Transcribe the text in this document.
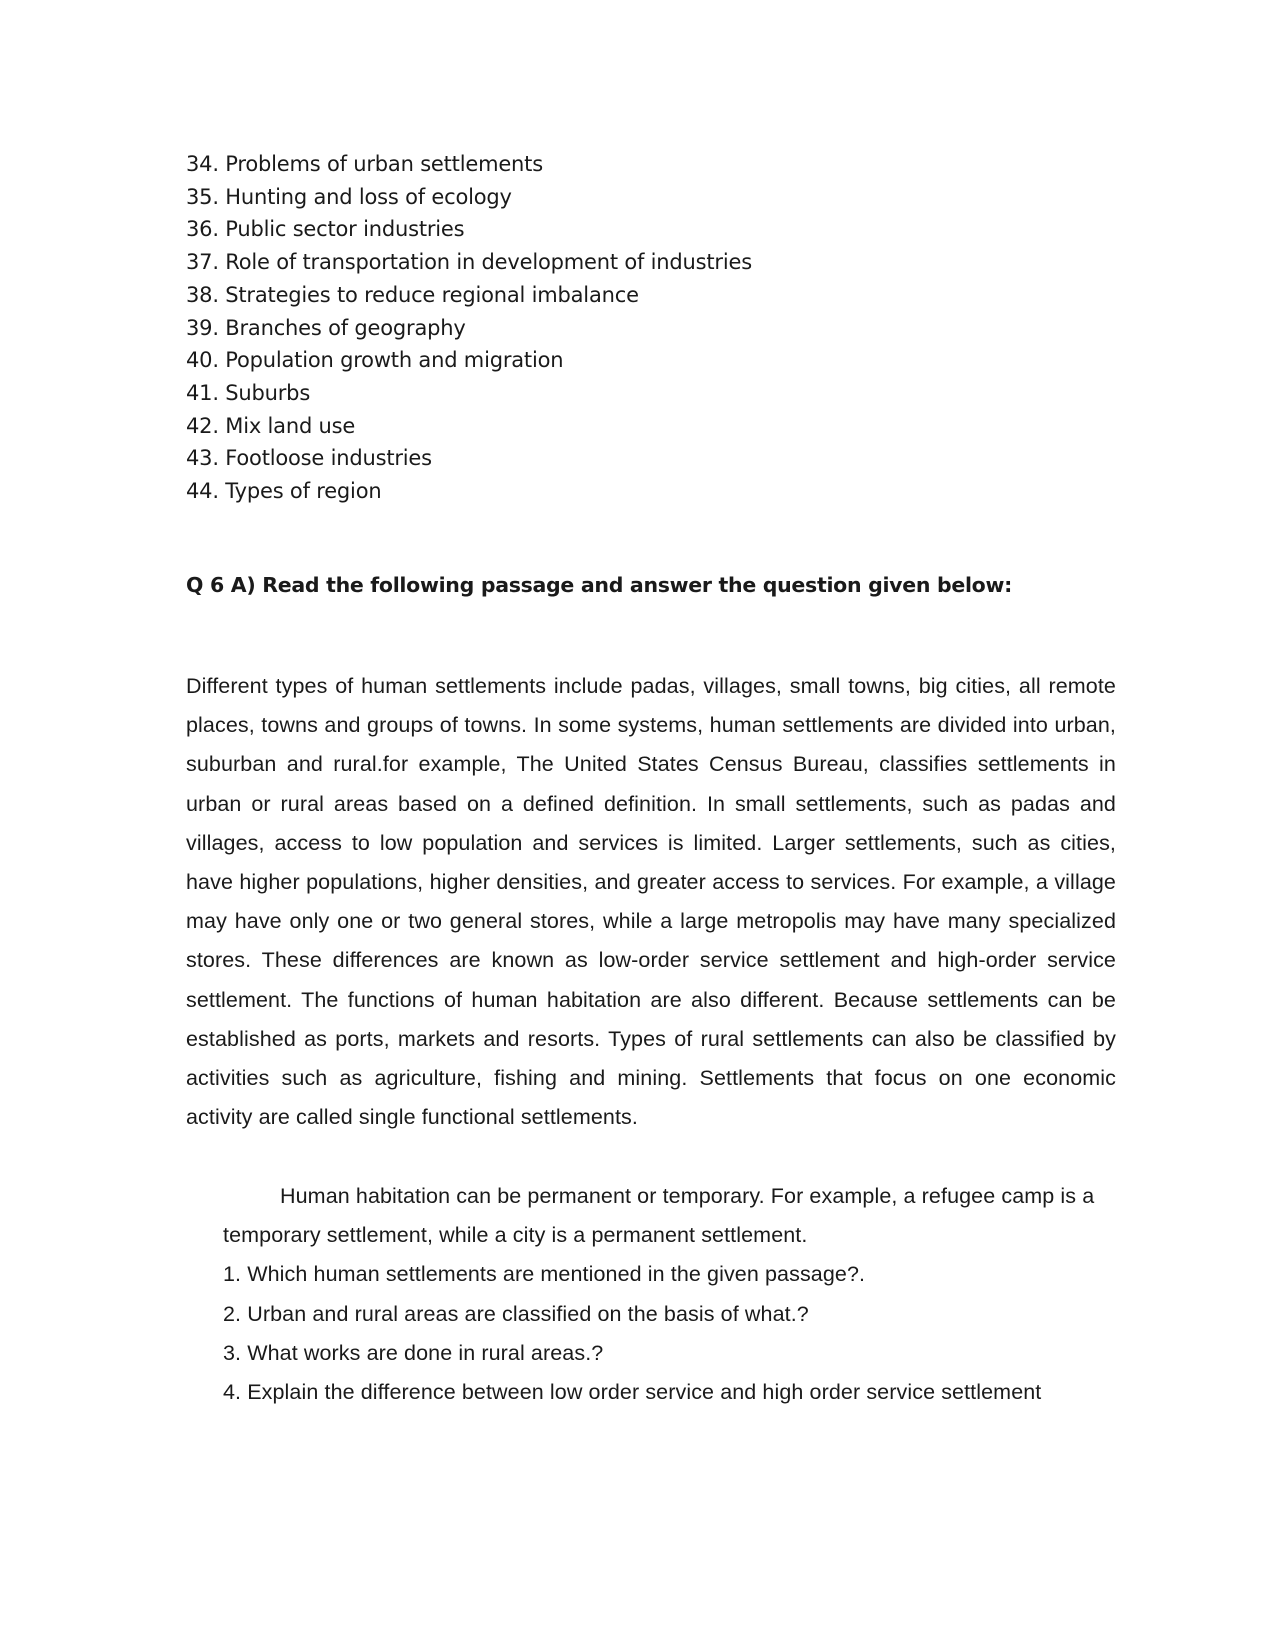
34. Problems of urban settlements
35. Hunting and loss of ecology
36. Public sector industries
37. Role of transportation in development of industries
38. Strategies to reduce regional imbalance
39. Branches of geography
40. Population growth and migration
41. Suburbs
42. Mix land use
43. Footloose industries
44. Types of region
Q 6 A) Read the following passage and answer the question given below:

Different types of human settlements include padas, villages, small towns, big cities, all remote places, towns and groups of towns. In some systems, human settlements are divided into urban, suburban and rural.for example, The United States Census Bureau, classifies settlements in urban or rural areas based on a defined definition. In small settlements, such as padas and villages, access to low population and services is limited. Larger settlements, such as cities, have higher populations, higher densities, and greater access to services. For example, a village may have only one or two general stores, while a large metropolis may have many specialized stores. These differences are known as low-order service settlement and high-order service settlement. The functions of human habitation are also different. Because settlements can be established as ports, markets and resorts. Types of rural settlements can also be classified by activities such as agriculture, fishing and mining. Settlements that focus on one economic activity are called single functional settlements.

Human habitation can be permanent or temporary. For example, a refugee camp is a temporary settlement, while a city is a permanent settlement.

1. Which human settlements are mentioned in the given passage?.
2. Urban and rural areas are classified on the basis of what.?
3. What works are done in rural areas.?
4. Explain the difference between low order service and high order service settlement
